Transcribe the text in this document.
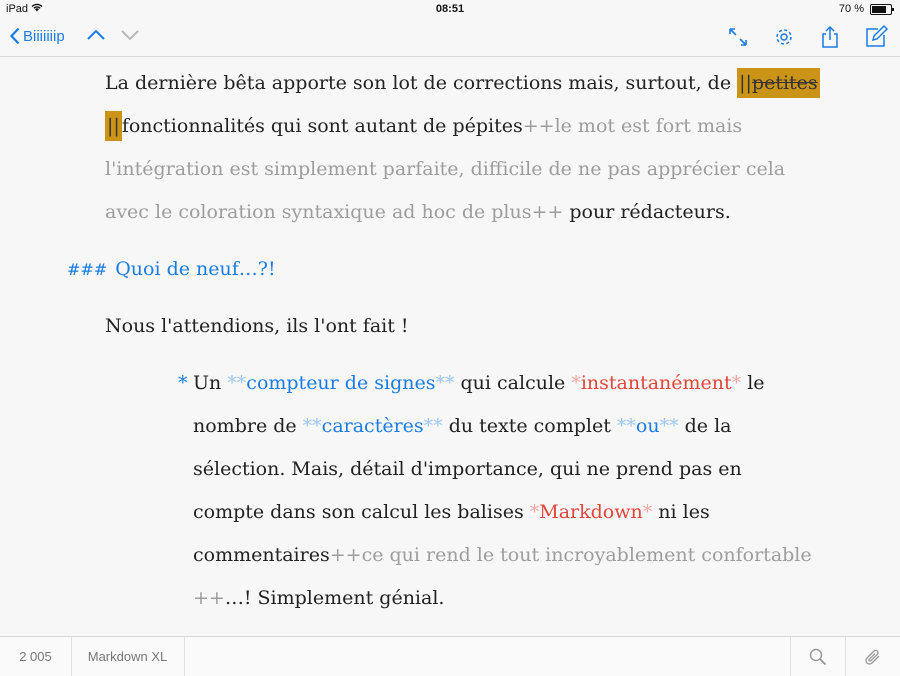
iPad	08:51	70 %
Biiiiiiip
La dernière bêta apporte son lot de corrections mais, surtout, de ||petites
|| fonctionnalités qui sont autant de pépites++le mot est fort mais
l'intégration est simplement parfaite, difficile de ne pas apprécier cela
avec le coloration syntaxique ad hoc de plus++ pour rédacteurs.
### Quoi de neuf…?!
Nous l'attendions, ils l'ont fait !
* Un **compteur de signes** qui calcule *instantanément* le
nombre de **caractères** du texte complet **ou** de la
sélection. Mais, détail d'importance, qui ne prend pas en
compte dans son calcul les balises *Markdown* ni les
commentaires++ce qui rend le tout incroyablement confortable
++…! Simplement génial.
2 005	Markdown XL
